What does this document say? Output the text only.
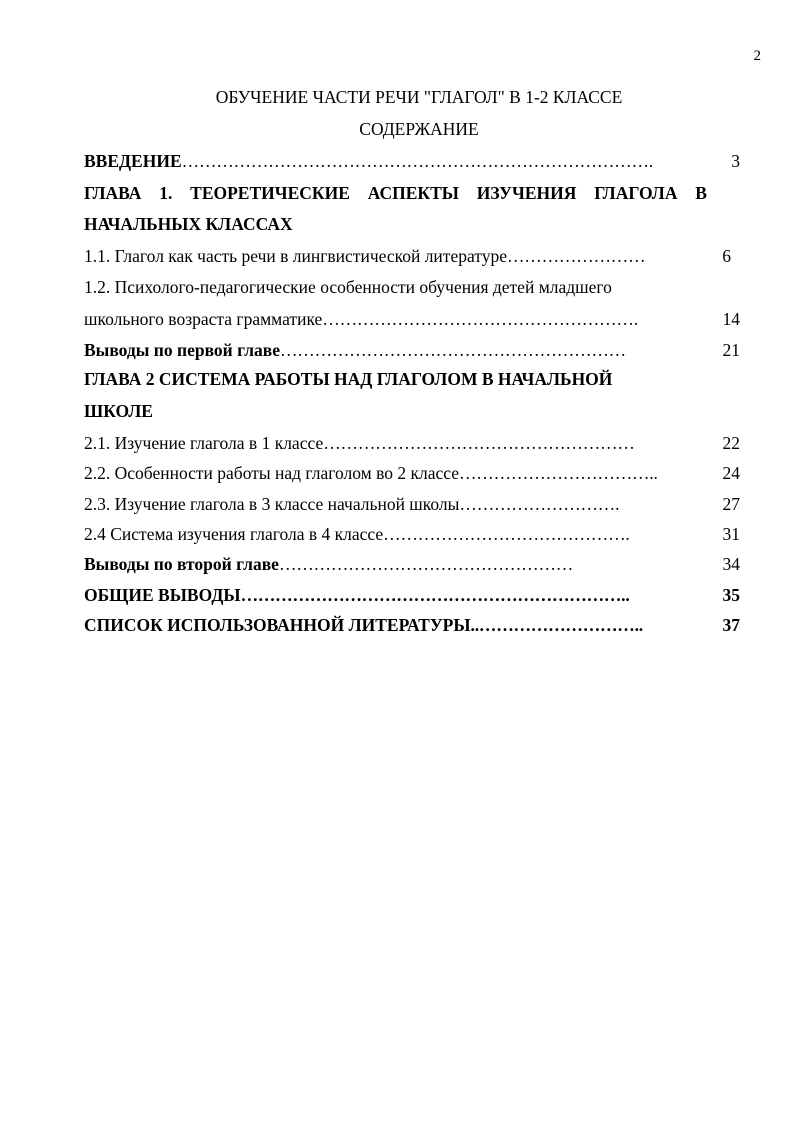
2
ОБУЧЕНИЕ ЧАСТИ РЕЧИ "ГЛАГОЛ" В 1-2 КЛАССЕ
СОДЕРЖАНИЕ
ВВЕДЕНИЕ……………………………………………………………………….	3
ГЛАВА 1. ТЕОРЕТИЧЕСКИЕ АСПЕКТЫ ИЗУЧЕНИЯ ГЛАГОЛА В
НАЧАЛЬНЫХ КЛАССАХ
1.1. Глагол как часть речи в лингвистической литературе……………………	6
1.2. Психолого-педагогические особенности обучения детей младшего
школьного возраста грамматике……………………………………………….	14
Выводы по первой главе……………………………………………………	21
ГЛАВА 2 СИСТЕМА РАБОТЫ НАД ГЛАГОЛОМ В НАЧАЛЬНОЙ
ШКОЛЕ
2.1. Изучение глагола в 1 классе………………………………………………	22
2.2. Особенности работы над глаголом во 2 классе……………………………..	24
2.3. Изучение глагола в 3 классе начальной школы……………………….	27
2.4 Система изучения глагола в 4 классе…………………………………….	31
Выводы по второй главе……………………………………………	34
ОБЩИЕ ВЫВОДЫ…………………………………………………………..	35
СПИСОК ИСПОЛЬЗОВАННОЙ ЛИТЕРАТУРЫ..………………………..	37
